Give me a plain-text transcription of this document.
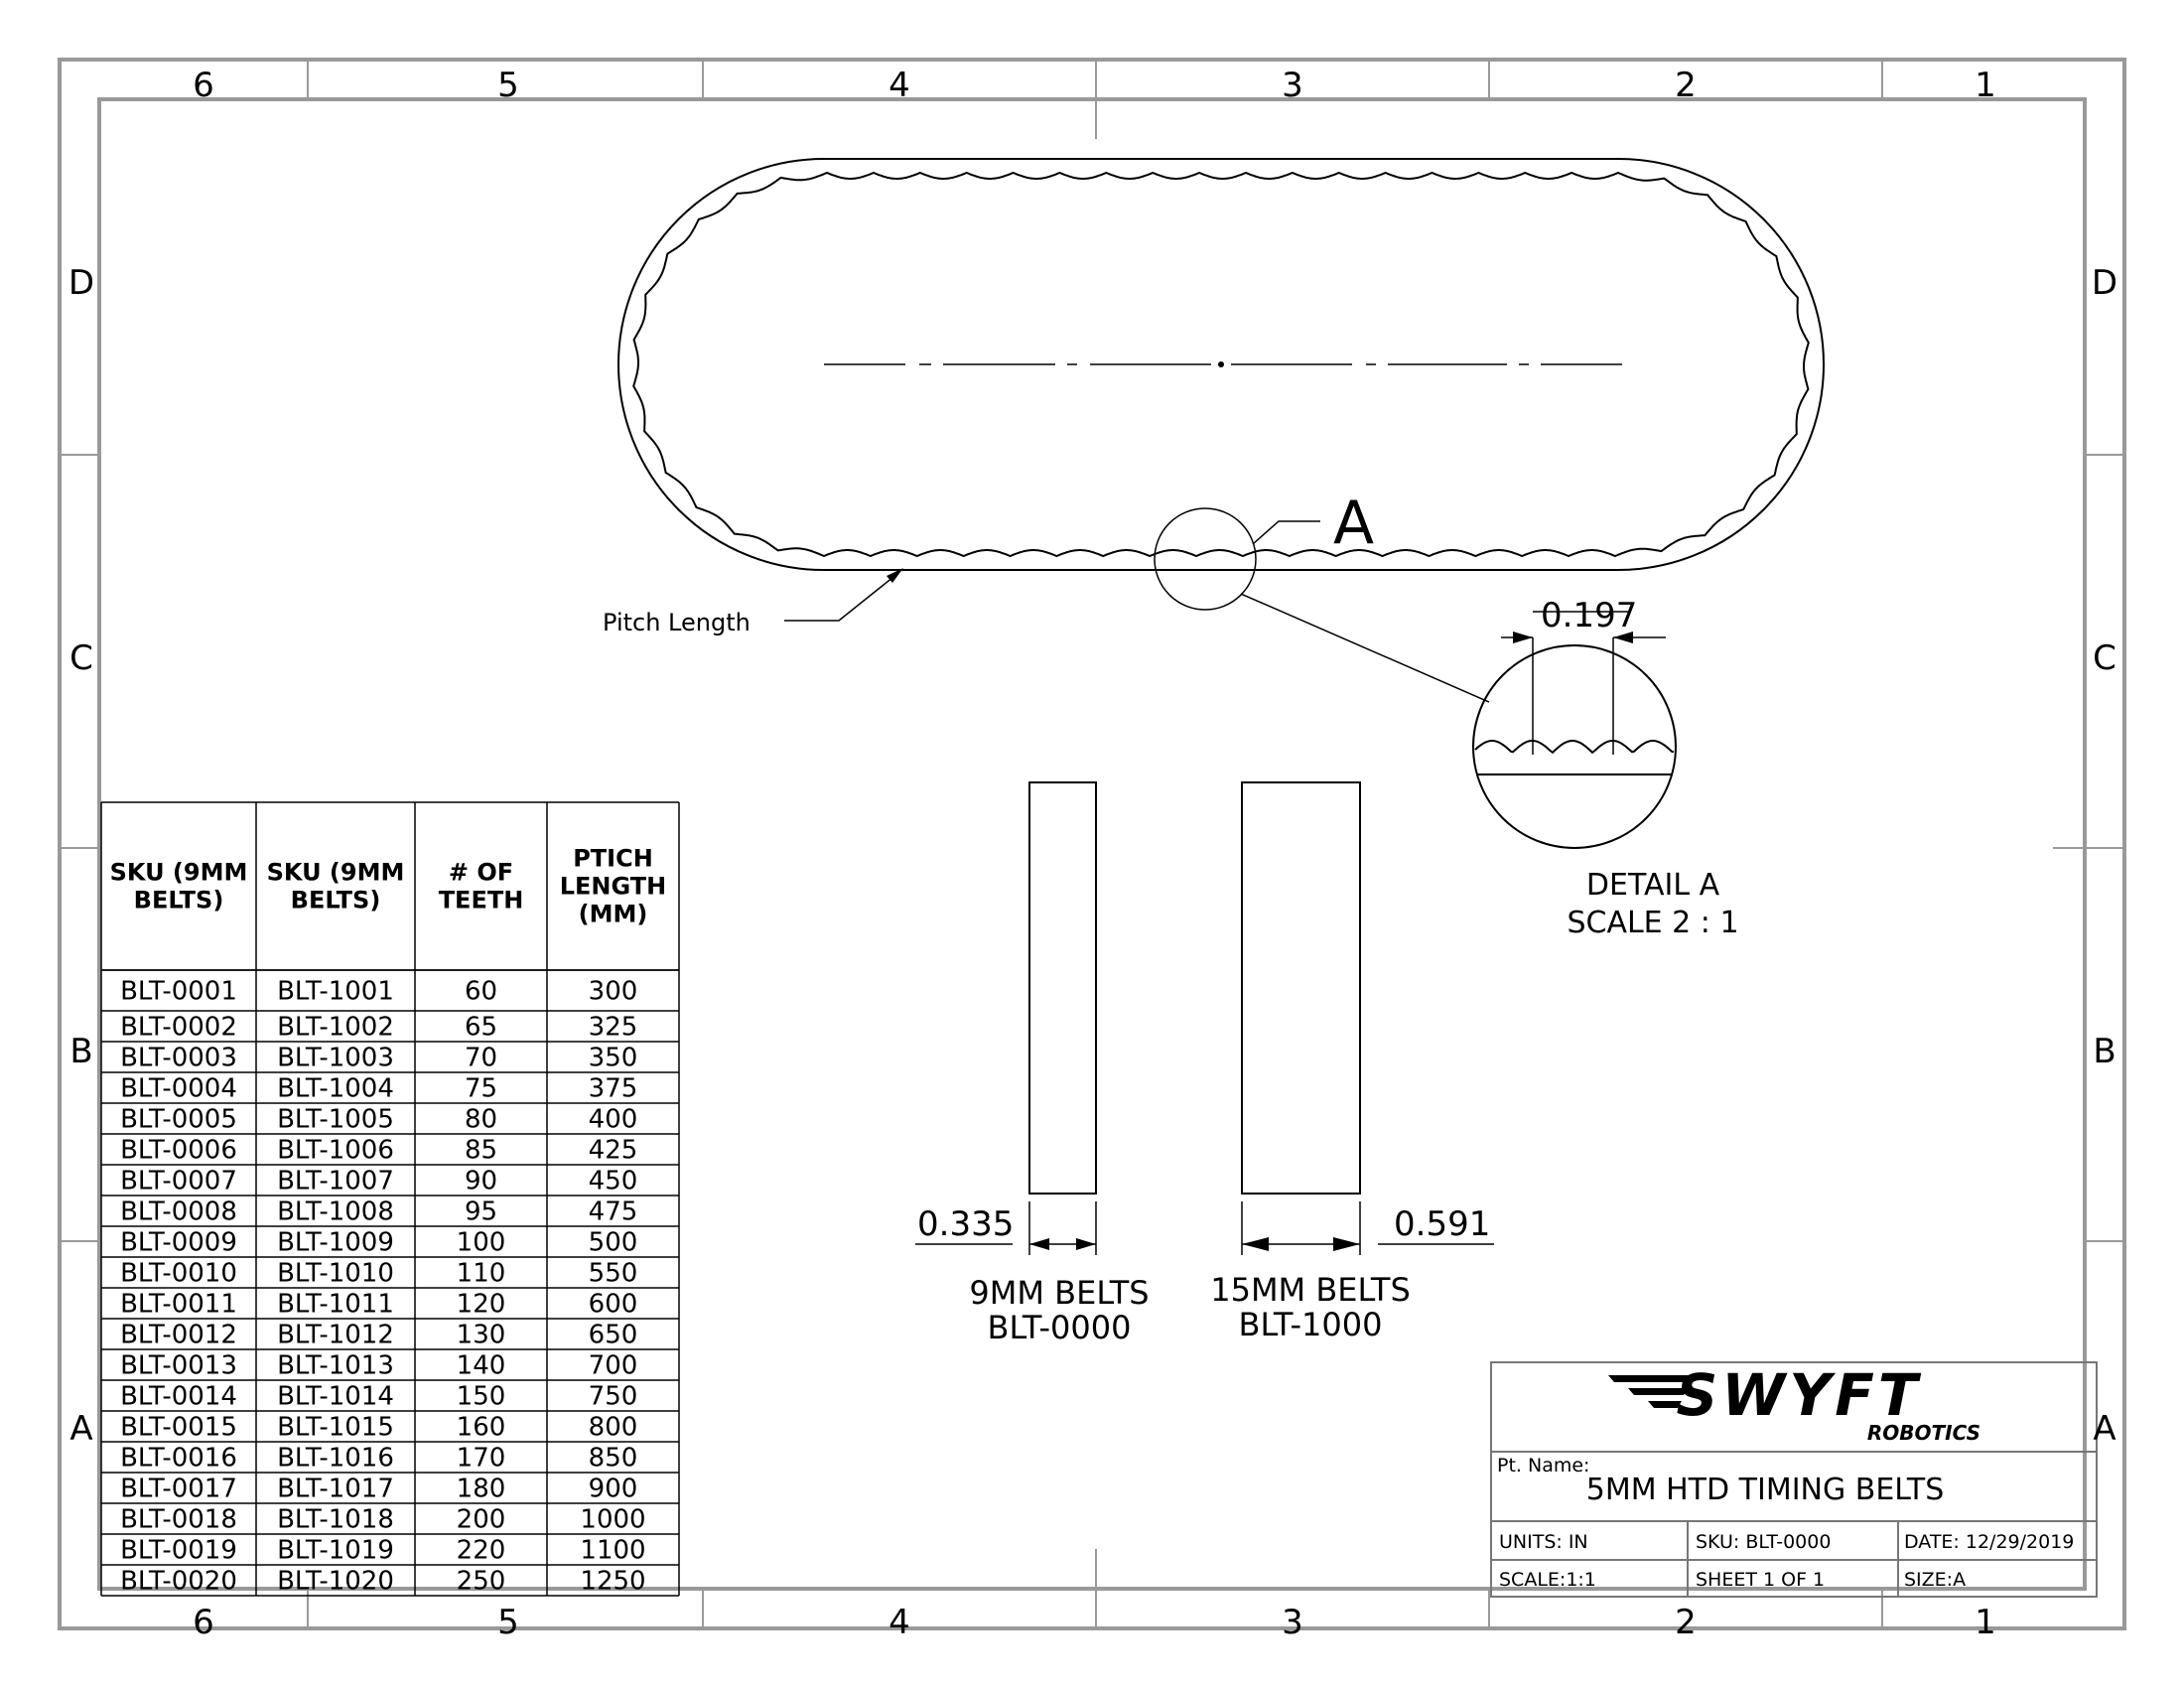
6
6
5
5
4
4
3
3
2
2
1
1
D	D
C	C
B	B
A	A
Pitch Length
A
0.197
DETAIL A
SCALE 2 : 1
0.335
9MM BELTS
BLT-0000
0.591
15MM BELTS
BLT-1000
SKU (9MM
BELTS)
SKU (9MM
BELTS)
# OF
TEETH
PTICH
LENGTH
(MM)
BLT-0001 BLT-1001	60	300
BLT-0002 BLT-1002	65	325
BLT-0003 BLT-1003	70	350
BLT-0004 BLT-1004	75	375
BLT-0005 BLT-1005	80	400
BLT-0006 BLT-1006	85	425
BLT-0007 BLT-1007	90	450
BLT-0008 BLT-1008	95	475
BLT-0009 BLT-1009 100	500
BLT-0010 BLT-1010 110	550
BLT-0011 BLT-1011 120	600
BLT-0012 BLT-1012 130	650
BLT-0013 BLT-1013 140	700
BLT-0014 BLT-1014 150	750
BLT-0015 BLT-1015 160	800
BLT-0016 BLT-1016 170	850
BLT-0017 BLT-1017 180	900
BLT-0018 BLT-1018 200	1000
BLT-0019 BLT-1019 220	1100
BLT-0020 BLT-1020 250	1250
SWYFT
ROBOTICS
Pt. Name:
5MM HTD TIMING BELTS
UNITS: IN	SKU: BLT-0000	DATE: 12/29/2019
SCALE:1:1	SHEET 1 OF 1	SIZE:A
